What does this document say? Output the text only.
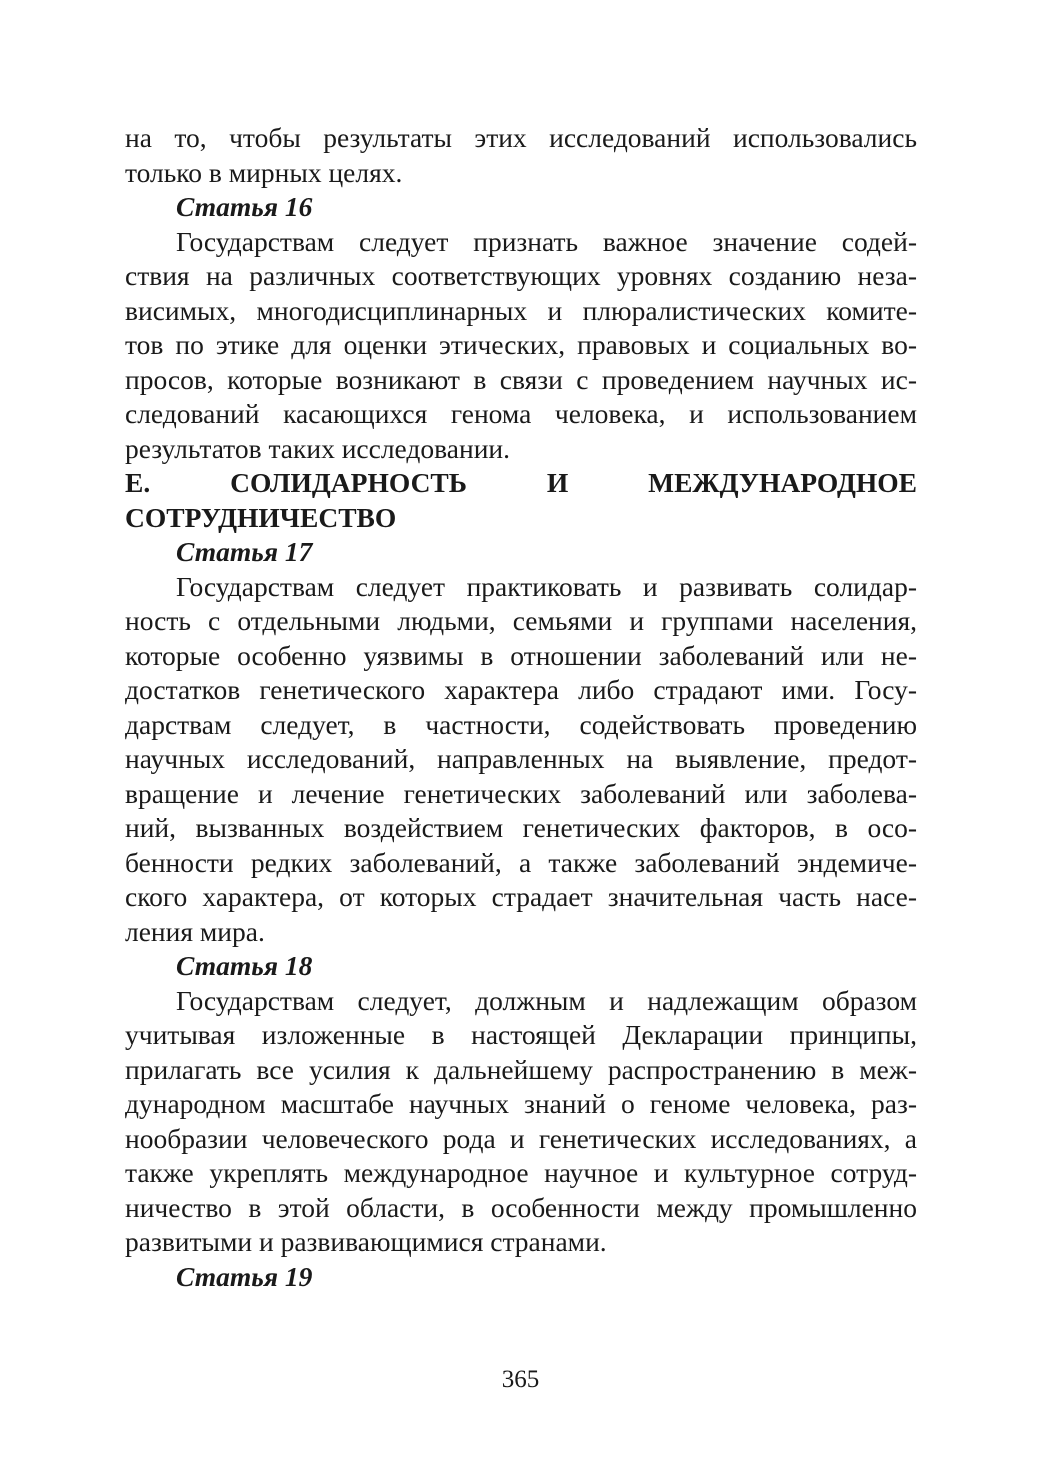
на то, чтобы результаты этих исследований использовались
только в мирных целях.
Статья 16
Государствам следует признать важное значение содей-
ствия на различных соответствующих уровнях созданию неза-
висимых, многодисциплинарных и плюралистических комите-
тов по этике для оценки этических, правовых и социальных во-
просов, которые возникают в связи с проведением научных ис-
следований касающихся генома человека, и использованием
результатов таких исследовании.
Е. СОЛИДАРНОСТЬ И МЕЖДУНАРОДНОЕ
СОТРУДНИЧЕСТВО
Статья 17
Государствам следует практиковать и развивать солидар-
ность с отдельными людьми, семьями и группами населения,
которые особенно уязвимы в отношении заболеваний или не-
достатков генетического характера либо страдают ими. Госу-
дарствам следует, в частности, содействовать проведению
научных исследований, направленных на выявление, предот-
вращение и лечение генетических заболеваний или заболева-
ний, вызванных воздействием генетических факторов, в осо-
бенности редких заболеваний, а также заболеваний эндемиче-
ского характера, от которых страдает значительная часть насе-
ления мира.
Статья 18
Государствам следует, должным и надлежащим образом
учитывая изложенные в настоящей Декларации принципы,
прилагать все усилия к дальнейшему распространению в меж-
дународном масштабе научных знаний о геноме человека, раз-
нообразии человеческого рода и генетических исследованиях, а
также укреплять международное научное и культурное сотруд-
ничество в этой области, в особенности между промышленно
развитыми и развивающимися странами.
Статья 19
365
